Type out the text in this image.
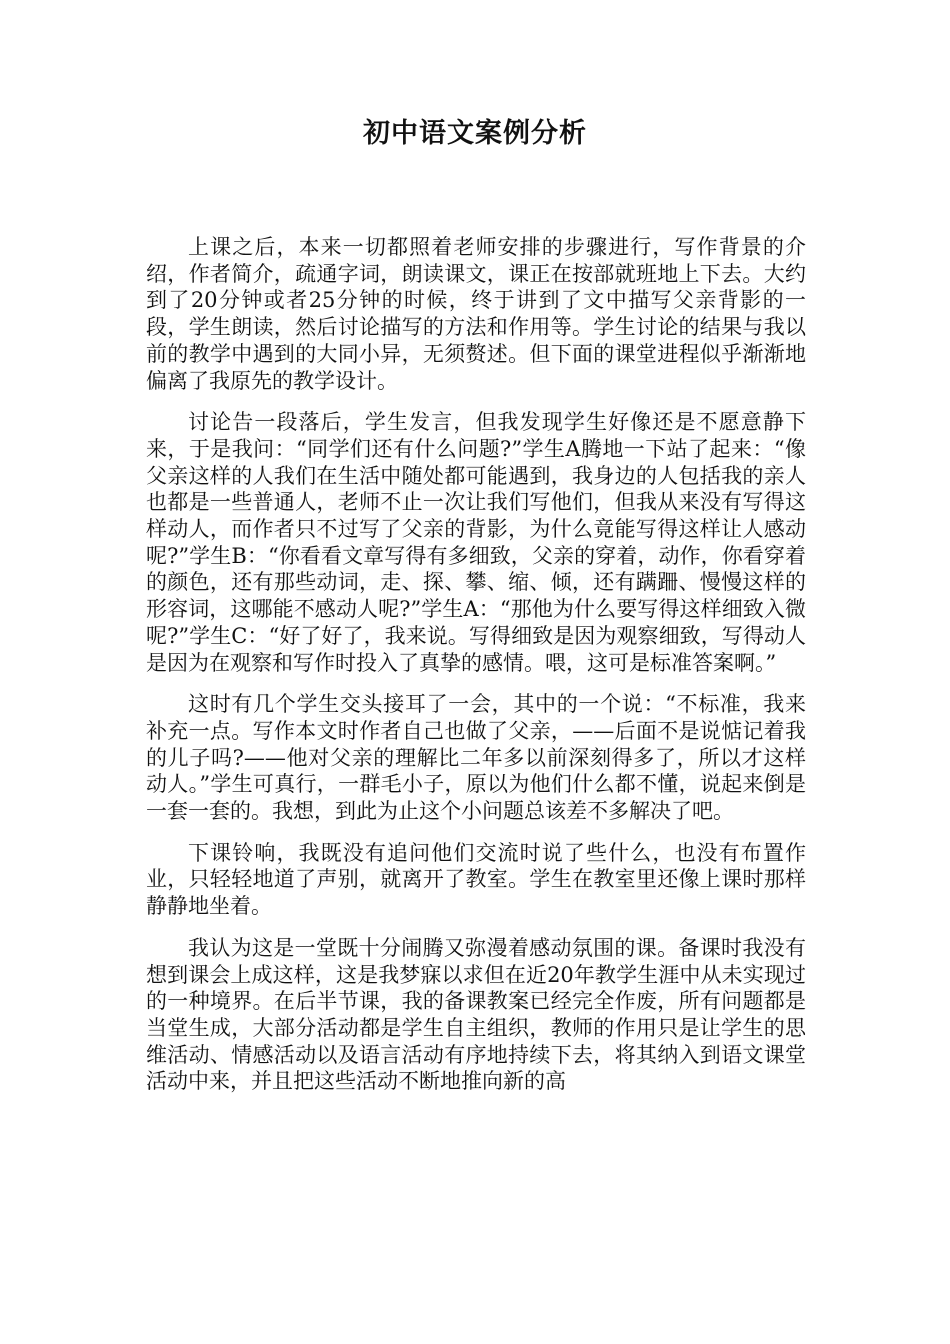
初中语文案例分析

上课之后，本来一切都照着老师安排的步骤进行，写作背景的介绍，作者简介，疏通字词，朗读课文，课正在按部就班地上下去。大约到了20分钟或者25分钟的时候，终于讲到了文中描写父亲背影的一段，学生朗读，然后讨论描写的方法和作用等。学生讨论的结果与我以前的教学中遇到的大同小异，无须赘述。但下面的课堂进程似乎渐渐地偏离了我原先的教学设计。

讨论告一段落后，学生发言，但我发现学生好像还是不愿意静下来，于是我问：“同学们还有什么问题?”学生A腾地一下站了起来：“像父亲这样的人我们在生活中随处都可能遇到，我身边的人包括我的亲人也都是一些普通人，老师不止一次让我们写他们，但我从来没有写得这样动人，而作者只不过写了父亲的背影，为什么竟能写得这样让人感动呢?”学生B：“你看看文章写得有多细致，父亲的穿着，动作，你看穿着的颜色，还有那些动词，走、探、攀、缩、倾，还有蹒跚、慢慢这样的形容词，这哪能不感动人呢?”学生A：“那他为什么要写得这样细致入微呢?”学生C：“好了好了，我来说。写得细致是因为观察细致，写得动人是因为在观察和写作时投入了真挚的感情。喂，这可是标准答案啊。”

这时有几个学生交头接耳了一会，其中的一个说：“不标准，我来补充一点。写作本文时作者自己也做了父亲，——后面不是说惦记着我的儿子吗?——他对父亲的理解比二年多以前深刻得多了，所以才这样动人。”学生可真行，一群毛小子，原以为他们什么都不懂，说起来倒是一套一套的。我想，到此为止这个小问题总该差不多解决了吧。

下课铃响，我既没有追问他们交流时说了些什么，也没有布置作业，只轻轻地道了声别，就离开了教室。学生在教室里还像上课时那样静静地坐着。

我认为这是一堂既十分闹腾又弥漫着感动氛围的课。备课时我没有想到课会上成这样，这是我梦寐以求但在近20年教学生涯中从未实现过的一种境界。在后半节课，我的备课教案已经完全作废，所有问题都是当堂生成，大部分活动都是学生自主组织，教师的作用只是让学生的思维活动、情感活动以及语言活动有序地持续下去，将其纳入到语文课堂活动中来，并且把这些活动不断地推向新的高
